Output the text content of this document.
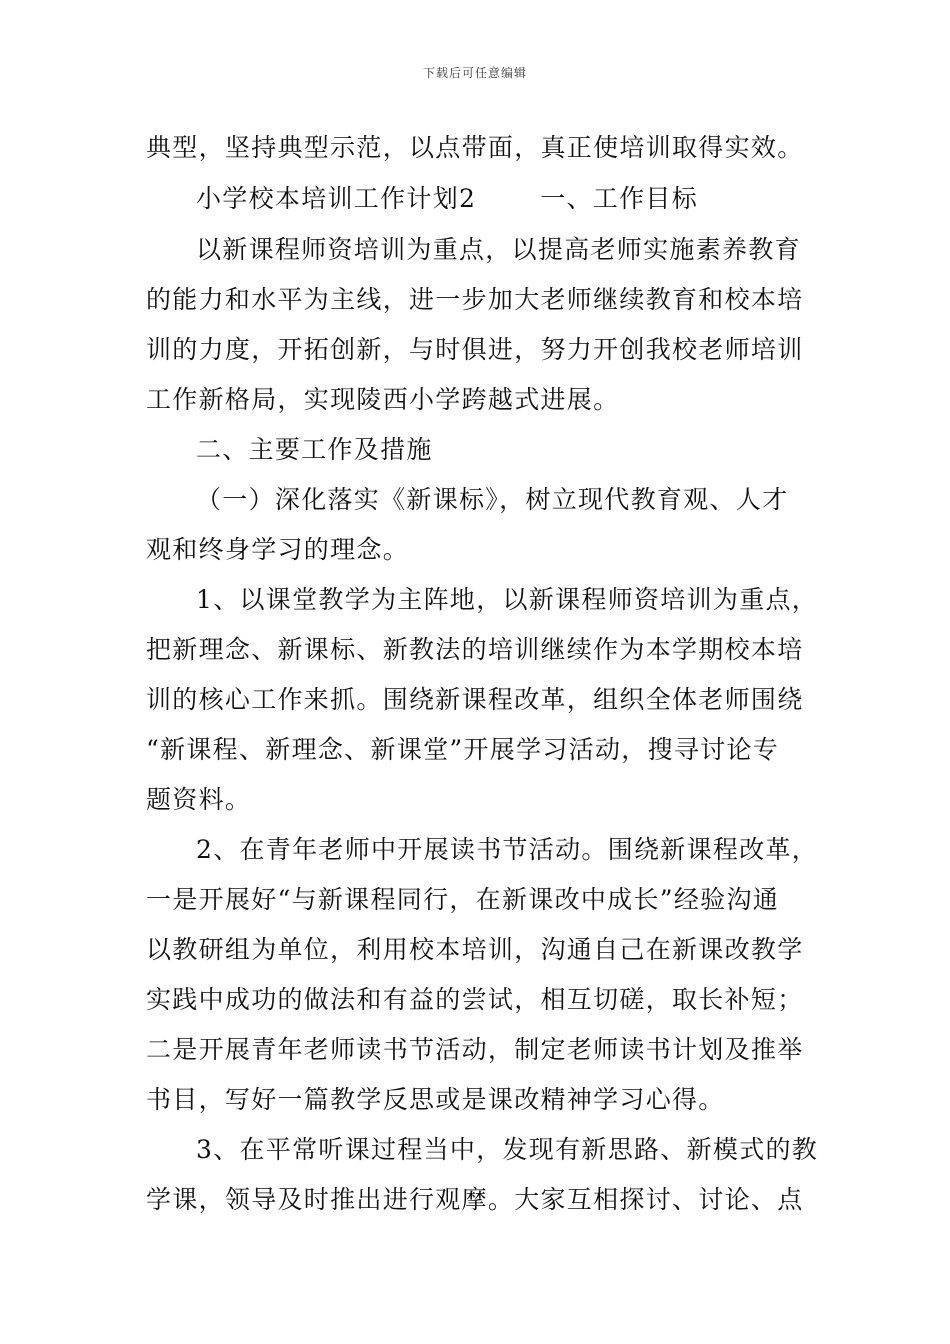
下载后可任意编辑
典型，坚持典型示范，以点带面，真正使培训取得实效。
小学校本培训工作计划2	一、工作目标
以新课程师资培训为重点，以提高老师实施素养教育
的能力和水平为主线，进一步加大老师继续教育和校本培
训的力度，开拓创新，与时俱进，努力开创我校老师培训
工作新格局，实现陵西小学跨越式进展。
二、主要工作及措施
（一）深化落实《新课标》，树立现代教育观、人才
观和终身学习的理念。
1、以课堂教学为主阵地，以新课程师资培训为重点，
把新理念、新课标、新教法的培训继续作为本学期校本培
训的核心工作来抓。围绕新课程改革，组织全体老师围绕
“新课程、新理念、新课堂”开展学习活动，搜寻讨论专
题资料。
2、在青年老师中开展读书节活动。围绕新课程改革，
一是开展好“与新课程同行，在新课改中成长”经验沟通
以教研组为单位，利用校本培训，沟通自己在新课改教学
实践中成功的做法和有益的尝试，相互切磋，取长补短；
二是开展青年老师读书节活动，制定老师读书计划及推举
书目，写好一篇教学反思或是课改精神学习心得。
3、在平常听课过程当中，发现有新思路、新模式的教
学课，领导及时推出进行观摩。大家互相探讨、讨论、点
